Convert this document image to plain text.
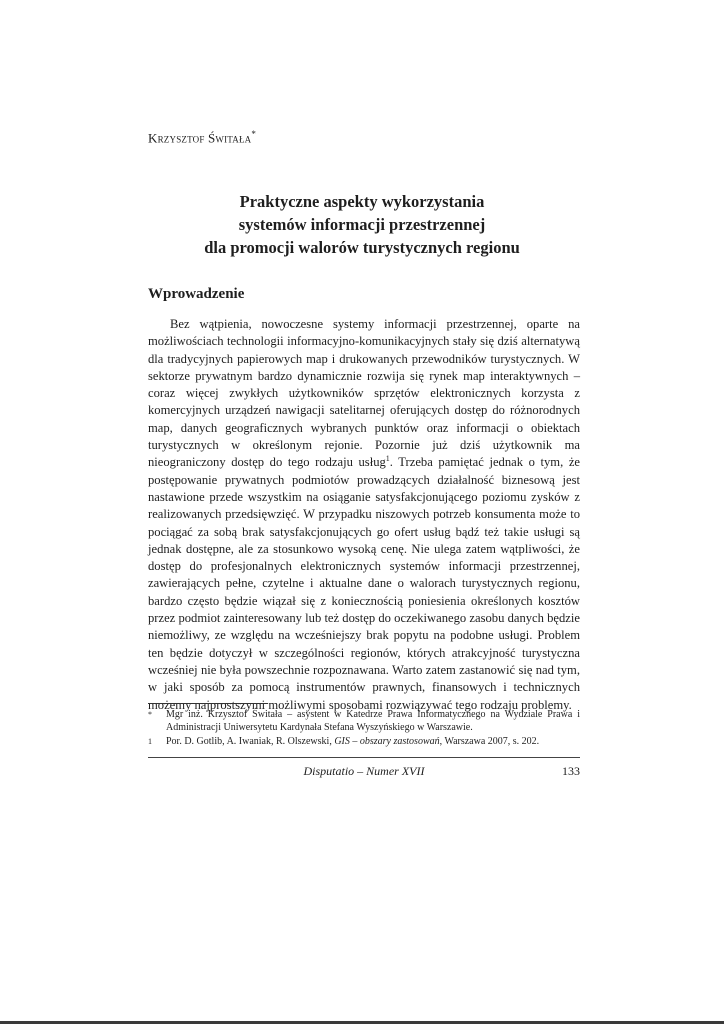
Krzysztof Świtała*
Praktyczne aspekty wykorzystania
systemów informacji przestrzennej
dla promocji walorów turystycznych regionu
Wprowadzenie

Bez wątpienia, nowoczesne systemy informacji przestrzennej, oparte na możliwościach technologii informacyjno-komunikacyjnych stały się dziś alternatywą dla tradycyjnych papierowych map i drukowanych przewodników turystycznych. W sektorze prywatnym bardzo dynamicznie rozwija się rynek map interaktywnych – coraz więcej zwykłych użytkowników sprzętów elektronicznych korzysta z komercyjnych urządzeń nawigacji satelitarnej oferujących dostęp do różnorodnych map, danych geograficznych wybranych punktów oraz informacji o obiektach turystycznych w określonym rejonie. Pozornie już dziś użytkownik ma nieograniczony dostęp do tego rodzaju usług$^1$. Trzeba pamiętać jednak o tym, że postępowanie prywatnych podmiotów prowadzących działalność biznesową jest nastawione przede wszystkim na osiąganie satysfakcjonującego poziomu zysków z realizowanych przedsięwzięć. W przypadku niszowych potrzeb konsumenta może to pociągać za sobą brak satysfakcjonujących go ofert usług bądź też takie usługi są jednak dostępne, ale za stosunkowo wysoką cenę. Nie ulega zatem wątpliwości, że dostęp do profesjonalnych elektronicznych systemów informacji przestrzennej, zawierających pełne, czytelne i aktualne dane o walorach turystycznych regionu, bardzo często będzie wiązał się z koniecznością poniesienia określonych kosztów przez podmiot zainteresowany lub też dostęp do oczekiwanego zasobu danych będzie niemożliwy, ze względu na wcześniejszy brak popytu na podobne usługi. Problem ten będzie dotyczył w szczególności regionów, których atrakcyjność turystyczna wcześniej nie była powszechnie rozpoznawana. Warto zatem zastanowić się nad tym, w jaki sposób za pomocą instrumentów prawnych, finansowych i technicznych możemy najprostszymi możliwymi sposobami rozwiązywać tego rodzaju problemy.

*	Mgr inż. Krzysztof Świtała – asystent w Katedrze Prawa Informatycznego na Wydziale Prawa i Administracji Uniwersytetu Kardynała Stefana Wyszyńskiego w Warszawie.
1	Por. D. Gotlib, A. Iwaniak, R. Olszewski, GIS – obszary zastosowań, Warszawa 2007, s. 202.
Disputatio – Numer XVII	133
